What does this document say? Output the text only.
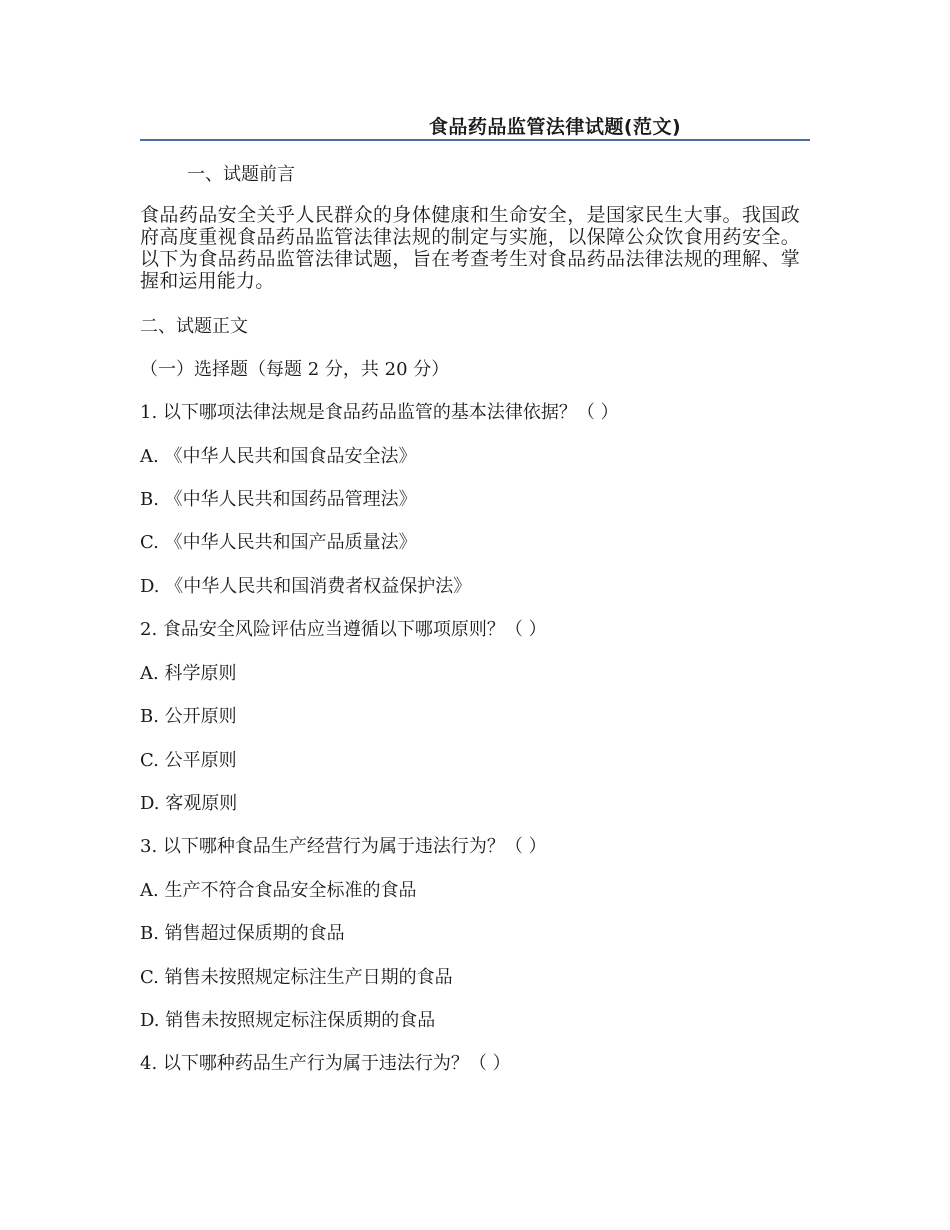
食品药品监管法律试题(范文)
一、试题前言
食品药品安全关乎人民群众的身体健康和生命安全，是国家民生大事。我国政府高度重视食品药品监管法律法规的制定与实施，以保障公众饮食用药安全。以下为食品药品监管法律试题，旨在考查考生对食品药品法律法规的理解、掌握和运用能力。
二、试题正文
（一）选择题（每题 2 分，共 20 分）
1. 以下哪项法律法规是食品药品监管的基本法律依据？（ ）
A. 《中华人民共和国食品安全法》
B. 《中华人民共和国药品管理法》
C. 《中华人民共和国产品质量法》
D. 《中华人民共和国消费者权益保护法》
2. 食品安全风险评估应当遵循以下哪项原则？（ ）
A. 科学原则
B. 公开原则
C. 公平原则
D. 客观原则
3. 以下哪种食品生产经营行为属于违法行为？（ ）
A. 生产不符合食品安全标准的食品
B. 销售超过保质期的食品
C. 销售未按照规定标注生产日期的食品
D. 销售未按照规定标注保质期的食品
4. 以下哪种药品生产行为属于违法行为？（ ）
